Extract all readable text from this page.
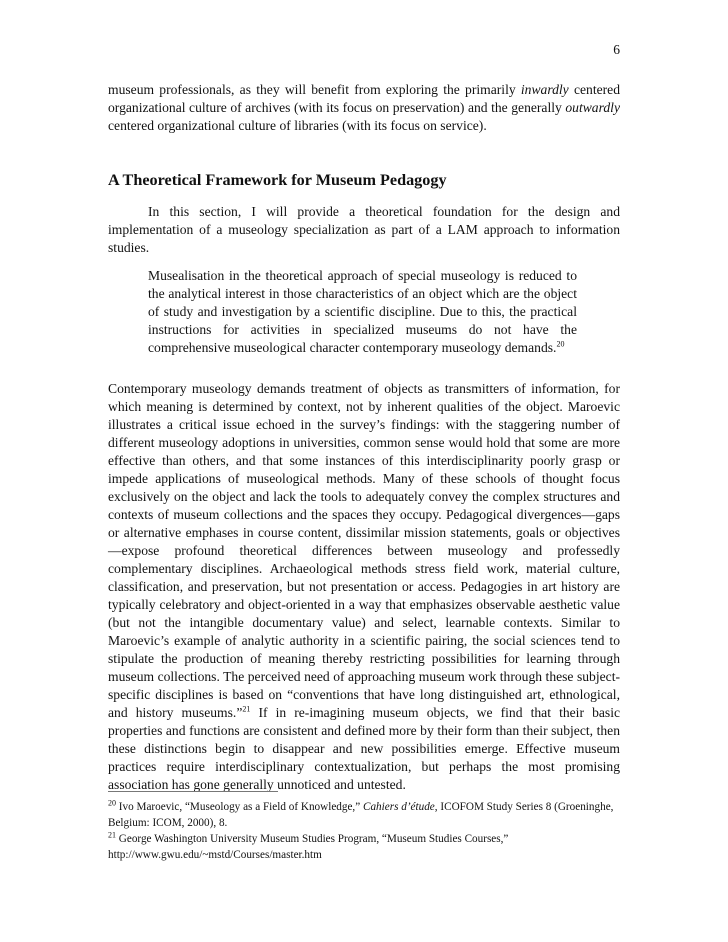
6

museum professionals, as they will benefit from exploring the primarily inwardly centered organizational culture of archives (with its focus on preservation) and the generally outwardly centered organizational culture of libraries (with its focus on service).

A Theoretical Framework for Museum Pedagogy

In this section, I will provide a theoretical foundation for the design and implementation of a museology specialization as part of a LAM approach to information studies.

Musealisation in the theoretical approach of special museology is reduced to the analytical interest in those characteristics of an object which are the object of study and investigation by a scientific discipline. Due to this, the practical instructions for activities in specialized museums do not have the comprehensive museological character contemporary museology demands.$^{20}$

Contemporary museology demands treatment of objects as transmitters of information, for which meaning is determined by context, not by inherent qualities of the object. Maroevic illustrates a critical issue echoed in the survey’s findings: with the staggering number of different museology adoptions in universities, common sense would hold that some are more effective than others, and that some instances of this interdisciplinarity poorly grasp or impede applications of museological methods. Many of these schools of thought focus exclusively on the object and lack the tools to adequately convey the complex structures and contexts of museum collections and the spaces they occupy. Pedagogical divergences—gaps or alternative emphases in course content, dissimilar mission statements, goals or objectives—expose profound theoretical differences between museology and professedly complementary disciplines. Archaeological methods stress field work, material culture, classification, and preservation, but not presentation or access. Pedagogies in art history are typically celebratory and object-oriented in a way that emphasizes observable aesthetic value (but not the intangible documentary value) and select, learnable contexts. Similar to Maroevic’s example of analytic authority in a scientific pairing, the social sciences tend to stipulate the production of meaning thereby restricting possibilities for learning through museum collections. The perceived need of approaching museum work through these subject-specific disciplines is based on “conventions that have long distinguished art, ethnological, and history museums.”$^{21}$ If in re-imagining museum objects, we find that their basic properties and functions are consistent and defined more by their form than their subject, then these distinctions begin to disappear and new possibilities emerge. Effective museum practices require interdisciplinary contextualization, but perhaps the most promising association has gone generally unnoticed and untested.

$^{20}$ Ivo Maroevic, “Museology as a Field of Knowledge,” Cahiers d’étude, ICOFOM Study Series 8 (Groeninghe, Belgium: ICOM, 2000), 8.

$^{21}$ George Washington University Museum Studies Program, “Museum Studies Courses,” http://www.gwu.edu/~mstd/Courses/master.htm
